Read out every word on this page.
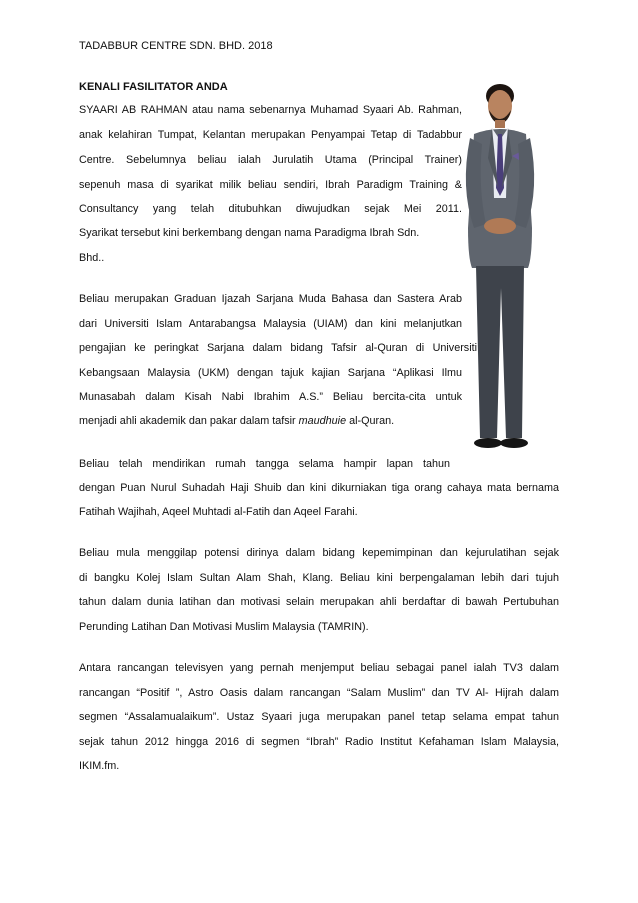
TADABBUR CENTRE SDN. BHD. 2018
KENALI FASILITATOR ANDA
SYAARI AB RAHMAN atau nama sebenarnya Muhamad Syaari Ab. Rahman,
anak kelahiran Tumpat, Kelantan merupakan Penyampai Tetap di Tadabbur
Centre. Sebelumnya beliau ialah Jurulatih Utama (Principal Trainer)
sepenuh masa di syarikat milik beliau sendiri, Ibrah Paradigm Training &
Consultancy yang telah ditubuhkan diwujudkan sejak Mei 2011.
Syarikat tersebut kini berkembang dengan nama Paradigma Ibrah Sdn.
Bhd..
Beliau merupakan Graduan Ijazah Sarjana Muda Bahasa dan Sastera Arab
dari Universiti Islam Antarabangsa Malaysia (UIAM) dan kini melanjutkan
pengajian ke peringkat Sarjana dalam bidang Tafsir al-Quran di Universiti
Kebangsaan Malaysia (UKM) dengan tajuk kajian Sarjana “Aplikasi Ilmu
Munasabah dalam Kisah Nabi Ibrahim A.S.” Beliau bercita-cita untuk
menjadi ahli akademik dan pakar dalam tafsir maudhuie al-Quran.
Beliau telah mendirikan rumah tangga selama hampir lapan tahun
dengan Puan Nurul Suhadah Haji Shuib dan kini dikurniakan tiga orang cahaya mata bernama
Fatihah Wajihah, Aqeel Muhtadi al-Fatih dan Aqeel Farahi.
Beliau mula menggilap potensi dirinya dalam bidang kepemimpinan dan kejurulatihan sejak
di bangku Kolej Islam Sultan Alam Shah, Klang. Beliau kini berpengalaman lebih dari tujuh
tahun dalam dunia latihan dan motivasi selain merupakan ahli berdaftar di bawah Pertubuhan
Perunding Latihan Dan Motivasi Muslim Malaysia (TAMRIN).
Antara rancangan televisyen yang pernah menjemput beliau sebagai panel ialah TV3 dalam
rancangan “Positif ”, Astro Oasis dalam rancangan “Salam Muslim” dan TV Al- Hijrah dalam
segmen “Assalamualaikum”. Ustaz Syaari juga merupakan panel tetap selama empat tahun
sejak tahun 2012 hingga 2016 di segmen “Ibrah” Radio Institut Kefahaman Islam Malaysia,
IKIM.fm.
